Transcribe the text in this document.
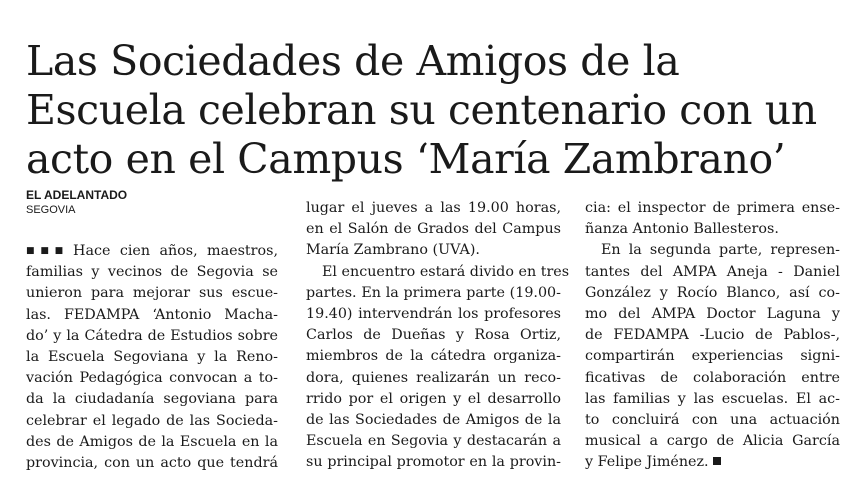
Las Sociedades de Amigos de la
Escuela celebran su centenario con un
acto en el Campus ‘María Zambrano’
EL ADELANTADO
SEGOVIA
■■■ Hace cien años, maestros,
familias y vecinos de Segovia se
unieron para mejorar sus escue-
las. FEDAMPA ‘Antonio Macha-
do’ y la Cátedra de Estudios sobre
la Escuela Segoviana y la Reno-
vación Pedagógica convocan a to-
da la ciudadanía segoviana para
celebrar el legado de las Socieda-
des de Amigos de la Escuela en la
provincia, con un acto que tendrá
lugar el jueves a las 19.00 horas,
en el Salón de Grados del Campus
María Zambrano (UVA).
El encuentro estará divido en tres
partes. En la primera parte (19.00-
19.40) intervendrán los profesores
Carlos de Dueñas y Rosa Ortiz,
miembros de la cátedra organiza-
dora, quienes realizarán un reco-
rrido por el origen y el desarrollo
de las Sociedades de Amigos de la
Escuela en Segovia y destacarán a
su principal promotor en la provin-
cia: el inspector de primera ense-
ñanza Antonio Ballesteros.
En la segunda parte, represen-
tantes del AMPA Aneja - Daniel
González y Rocío Blanco, así co-
mo del AMPA Doctor Laguna y
de FEDAMPA -Lucio de Pablos-,
compartirán experiencias signi-
ficativas de colaboración entre
las familias y las escuelas. El ac-
to concluirá con una actuación
musical a cargo de Alicia García
y Felipe Jiménez.
